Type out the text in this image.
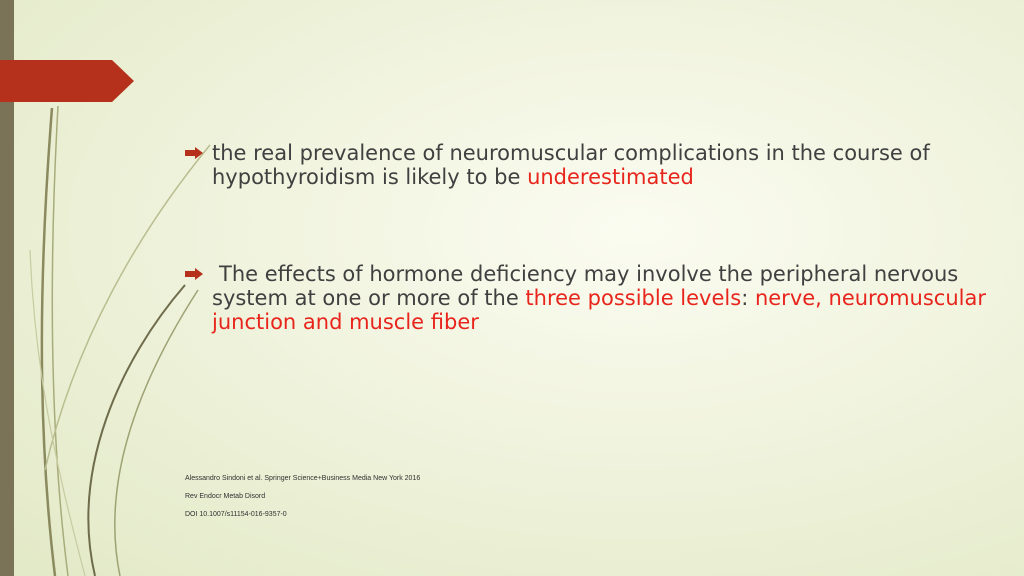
the real prevalence of neuromuscular complications in the course of hypothyroidism is likely to be underestimated
The effects of hormone deficiency may involve the peripheral nervous system at one or more of the three possible levels: nerve, neuromuscular junction and muscle fiber
Alessandro Sindoni et al. Springer Science+Business Media New York 2016
Rev Endocr Metab Disord
DOI 10.1007/s11154-016-9357-0
